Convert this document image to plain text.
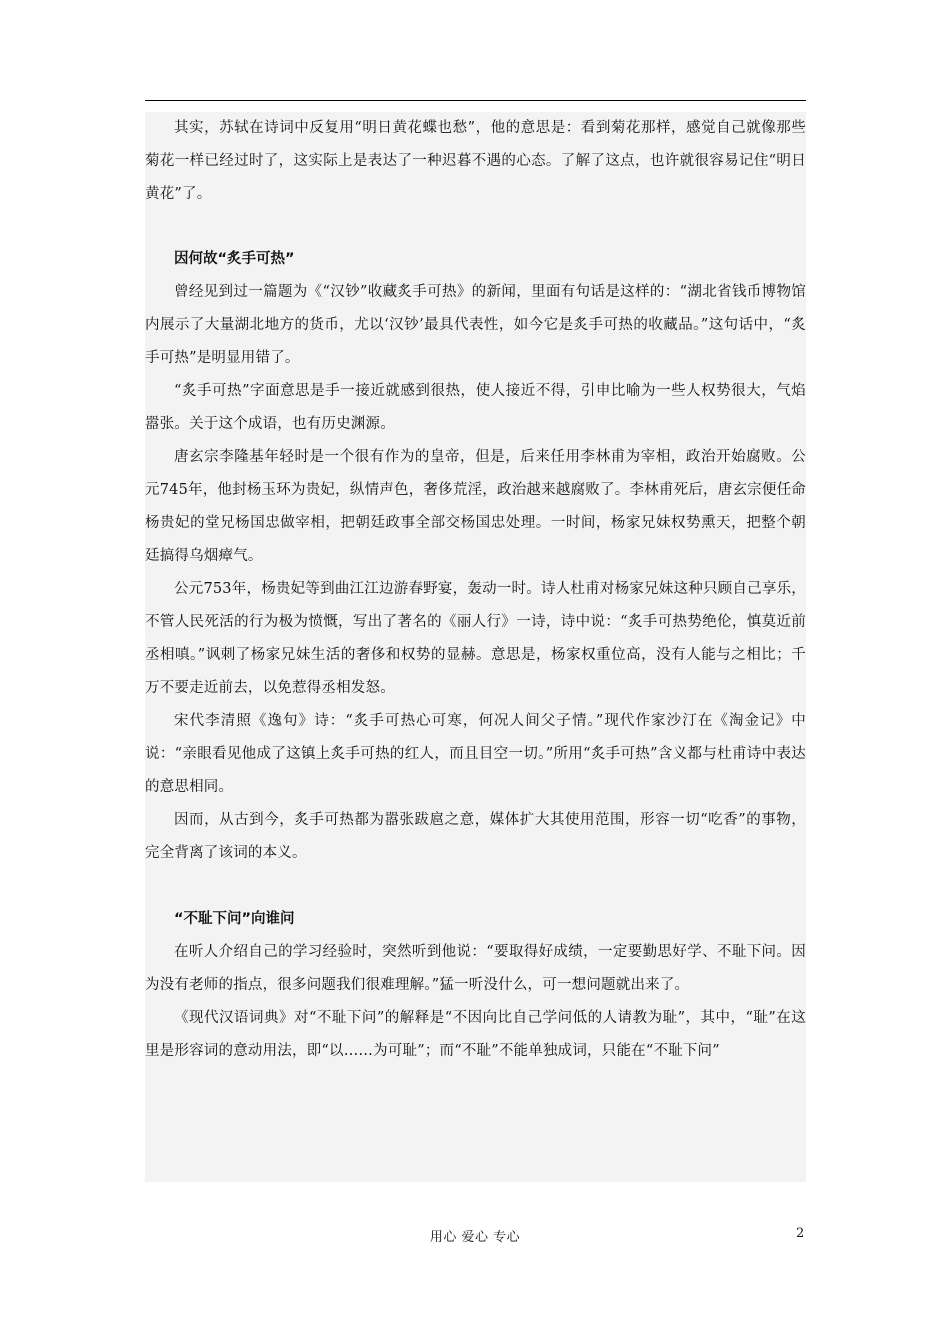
其实，苏轼在诗词中反复用“明日黄花蝶也愁”，他的意思是：看到菊花那样，感觉自己就像那些菊花一样已经过时了，这实际上是表达了一种迟暮不遇的心态。了解了这点，也许就很容易记住“明日黄花”了。

因何故“炙手可热”

曾经见到过一篇题为《“汉钞”收藏炙手可热》的新闻，里面有句话是这样的：“湖北省钱币博物馆内展示了大量湖北地方的货币，尤以‘汉钞’最具代表性，如今它是炙手可热的收藏品。”这句话中，“炙手可热”是明显用错了。

“炙手可热”字面意思是手一接近就感到很热，使人接近不得，引申比喻为一些人权势很大，气焰嚣张。关于这个成语，也有历史渊源。

唐玄宗李隆基年轻时是一个很有作为的皇帝，但是，后来任用李林甫为宰相，政治开始腐败。公元745年，他封杨玉环为贵妃，纵情声色，奢侈荒淫，政治越来越腐败了。李林甫死后，唐玄宗便任命杨贵妃的堂兄杨国忠做宰相，把朝廷政事全部交杨国忠处理。一时间，杨家兄妹权势熏天，把整个朝廷搞得乌烟瘴气。

公元753年，杨贵妃等到曲江江边游春野宴，轰动一时。诗人杜甫对杨家兄妹这种只顾自己享乐，不管人民死活的行为极为愤慨，写出了著名的《丽人行》一诗，诗中说：“炙手可热势绝伦，慎莫近前丞相嗔。”讽刺了杨家兄妹生活的奢侈和权势的显赫。意思是，杨家权重位高，没有人能与之相比；千万不要走近前去，以免惹得丞相发怒。

宋代李清照《逸句》诗：“炙手可热心可寒，何况人间父子情。”现代作家沙汀在《淘金记》中说：“亲眼看见他成了这镇上炙手可热的红人，而且目空一切。”所用“炙手可热”含义都与杜甫诗中表达的意思相同。

因而，从古到今，炙手可热都为嚣张跋扈之意，媒体扩大其使用范围，形容一切“吃香”的事物，完全背离了该词的本义。

“不耻下问”向谁问

在听人介绍自己的学习经验时，突然听到他说：“要取得好成绩，一定要勤思好学、不耻下问。因为没有老师的指点，很多问题我们很难理解。”猛一听没什么，可一想问题就出来了。

《现代汉语词典》对“不耻下问”的解释是“不因向比自己学问低的人请教为耻”，其中，“耻”在这里是形容词的意动用法，即“以……为可耻”；而“不耻”不能单独成词，只能在“不耻下问”

用心 爱心 专心	2
